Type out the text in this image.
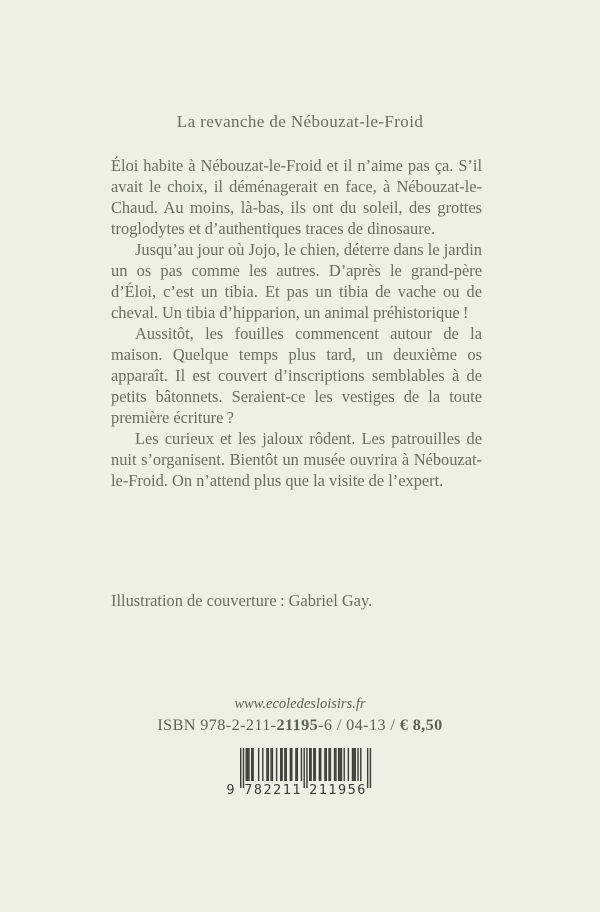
La revanche de Nébouzat-le-Froid

Éloi habite à Nébouzat-le-Froid et il n’aime pas ça. S’il avait le choix, il déménagerait en face, à Nébouzat-le-Chaud. Au moins, là-bas, ils ont du soleil, des grottes troglodytes et d’authentiques traces de dinosaure.

Jusqu’au jour où Jojo, le chien, déterre dans le jardin un os pas comme les autres. D’après le grand-père d’Éloi, c’est un tibia. Et pas un tibia de vache ou de cheval. Un tibia d’hipparion, un animal préhistorique !

Aussitôt, les fouilles commencent autour de la maison. Quelque temps plus tard, un deuxième os apparaît. Il est couvert d’inscriptions semblables à de petits bâtonnets. Seraient-ce les vestiges de la toute première écriture ?

Les curieux et les jaloux rôdent. Les patrouilles de nuit s’organisent. Bientôt un musée ouvrira à Nébouzat-le-Froid. On n’attend plus que la visite de l’expert.

Illustration de couverture : Gabriel Gay.
www.ecoledesloisirs.fr
ISBN 978-2-211-21195-6 / 04-13 / € 8,50
9 782211 211956
